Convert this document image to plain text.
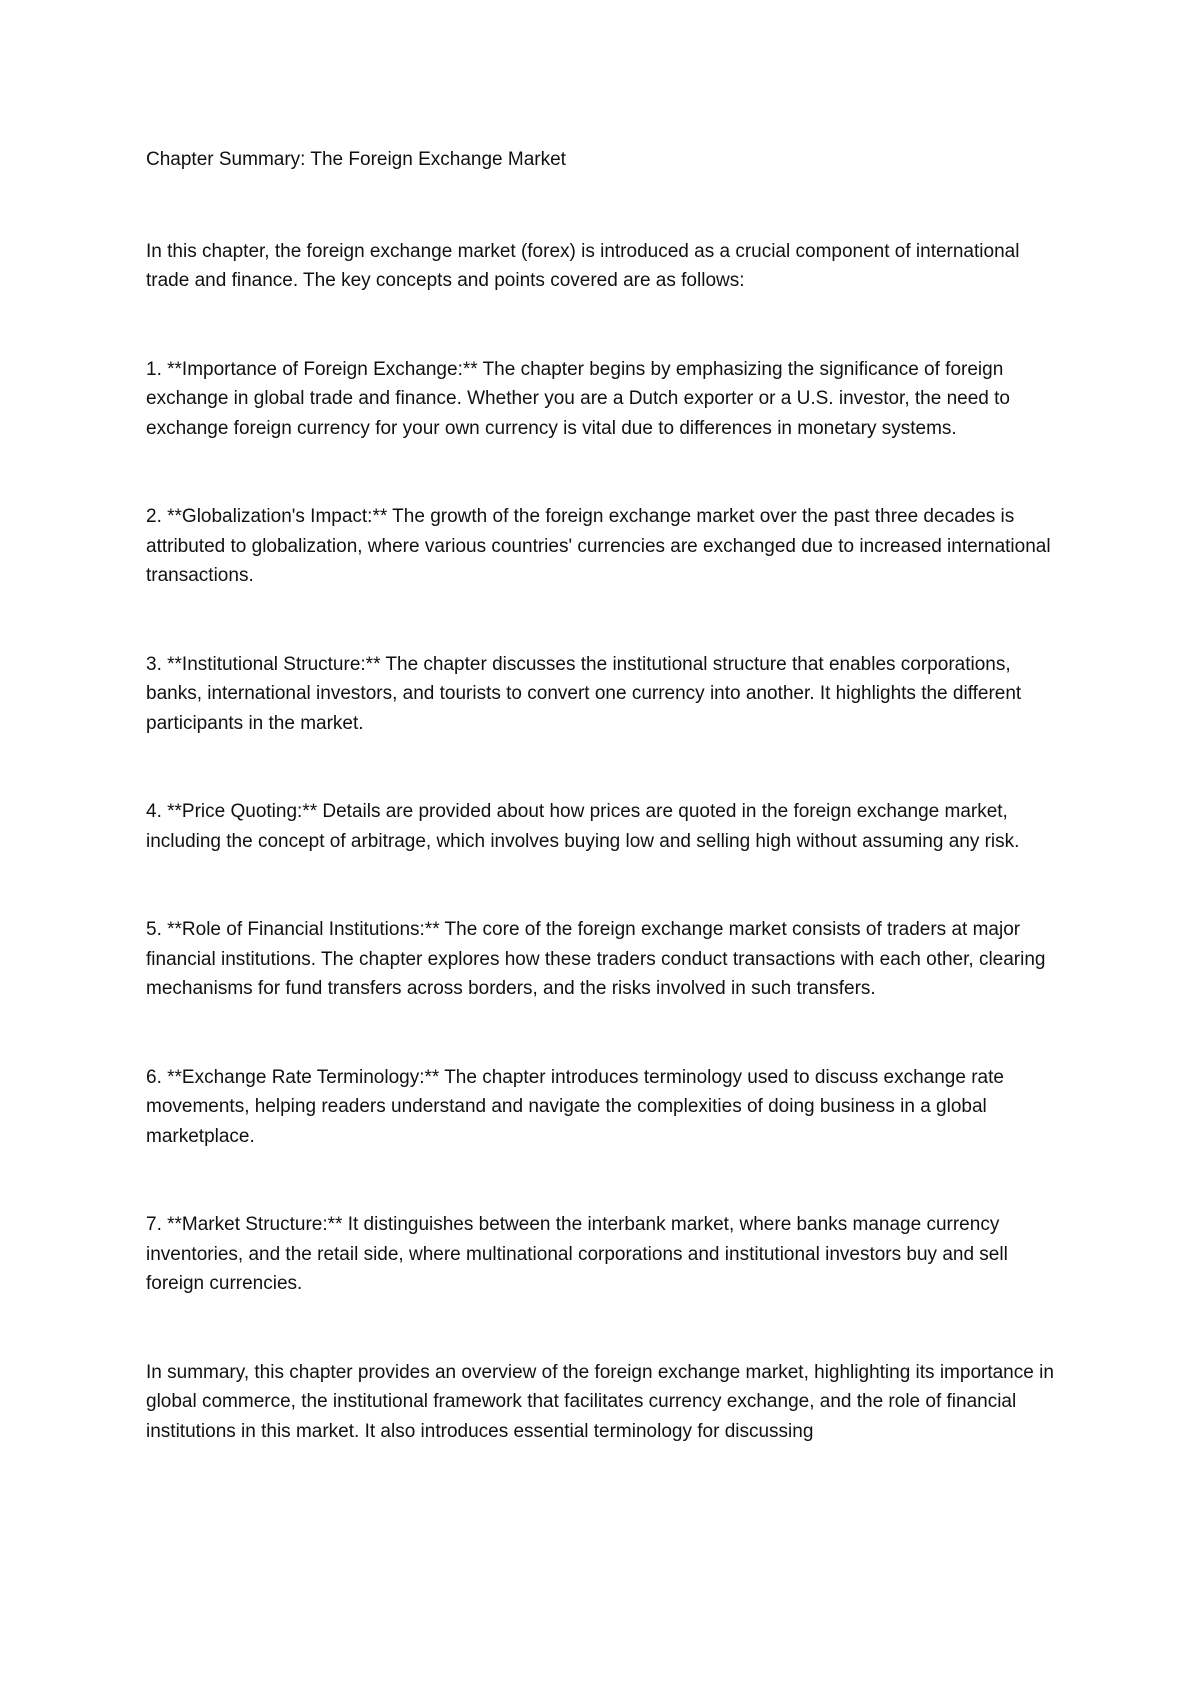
Chapter Summary: The Foreign Exchange Market

In this chapter, the foreign exchange market (forex) is introduced as a crucial component of international trade and finance. The key concepts and points covered are as follows:

1. **Importance of Foreign Exchange:** The chapter begins by emphasizing the significance of foreign exchange in global trade and finance. Whether you are a Dutch exporter or a U.S. investor, the need to exchange foreign currency for your own currency is vital due to differences in monetary systems.
2. **Globalization's Impact:** The growth of the foreign exchange market over the past three decades is attributed to globalization, where various countries' currencies are exchanged due to increased international transactions.
3. **Institutional Structure:** The chapter discusses the institutional structure that enables corporations, banks, international investors, and tourists to convert one currency into another. It highlights the different participants in the market.
4. **Price Quoting:** Details are provided about how prices are quoted in the foreign exchange market, including the concept of arbitrage, which involves buying low and selling high without assuming any risk.
5. **Role of Financial Institutions:** The core of the foreign exchange market consists of traders at major financial institutions. The chapter explores how these traders conduct transactions with each other, clearing mechanisms for fund transfers across borders, and the risks involved in such transfers.
6. **Exchange Rate Terminology:** The chapter introduces terminology used to discuss exchange rate movements, helping readers understand and navigate the complexities of doing business in a global marketplace.
7. **Market Structure:** It distinguishes between the interbank market, where banks manage currency inventories, and the retail side, where multinational corporations and institutional investors buy and sell foreign currencies.

In summary, this chapter provides an overview of the foreign exchange market, highlighting its importance in global commerce, the institutional framework that facilitates currency exchange, and the role of financial institutions in this market. It also introduces essential terminology for discussing
